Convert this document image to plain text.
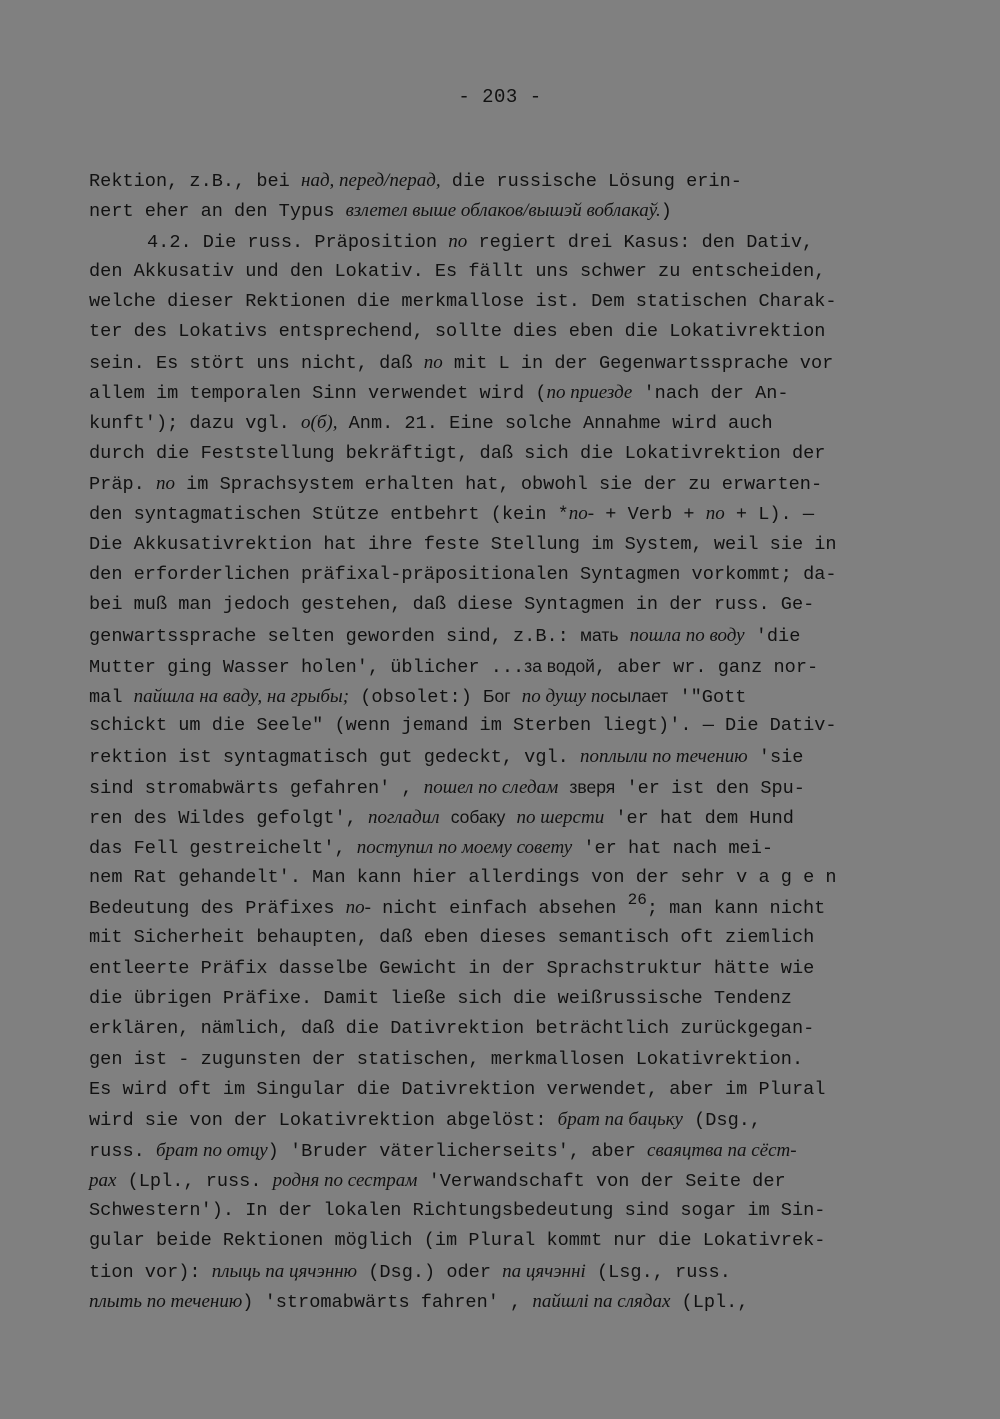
- 203 -
Rektion, z.B., bei над, перед/перад, die russische Lösung erin-
nert eher an den Typus взлетел выше облаков/вышэй воблакаў.)
4.2. Die russ. Präposition по regiert drei Kasus: den Dativ,
den Akkusativ und den Lokativ. Es fällt uns schwer zu entscheiden,
welche dieser Rektionen die merkmallose ist. Dem statischen Charak-
ter des Lokativs entsprechend, sollte dies eben die Lokativrektion
sein. Es stört uns nicht, daß по mit L in der Gegenwartssprache vor
allem im temporalen Sinn verwendet wird (по приезде 'nach der An-
kunft'); dazu vgl. о(б), Anm. 21. Eine solche Annahme wird auch
durch die Feststellung bekräftigt, daß sich die Lokativrektion der
Präp. по im Sprachsystem erhalten hat, obwohl sie der zu erwarten-
den syntagmatischen Stütze entbehrt (kein *по- + Verb + по + L). —
Die Akkusativrektion hat ihre feste Stellung im System, weil sie in
den erforderlichen präfixal-präpositionalen Syntagmen vorkommt; da-
bei muß man jedoch gestehen, daß diese Syntagmen in der russ. Ge-
genwartssprache selten geworden sind, z.B.: мать пошла по воду 'die
Mutter ging Wasser holen', üblicher ...за водой, aber wr. ganz nor-
mal пайшла на ваду, на грыбы; (obsolet:) Бог по душу посылает '"Gott
schickt um die Seele" (wenn jemand im Sterben liegt)'. — Die Dativ-
rektion ist syntagmatisch gut gedeckt, vgl. поплыли по течению 'sie
sind stromabwärts gefahren' , пошел по следам зверя 'er ist den Spu-
ren des Wildes gefolgt', погладил собаку по шерсти 'er hat dem Hund
das Fell gestreichelt', поступил по моему совету 'er hat nach mei-
nem Rat gehandelt'. Man kann hier allerdings von der sehr v a g e n
Bedeutung des Präfixes по- nicht einfach absehen 26; man kann nicht
mit Sicherheit behaupten, daß eben dieses semantisch oft ziemlich
entleerte Präfix dasselbe Gewicht in der Sprachstruktur hätte wie
die übrigen Präfixe. Damit ließe sich die weißrussische Tendenz
erklären, nämlich, daß die Dativrektion beträchtlich zurückgegan-
gen ist - zugunsten der statischen, merkmallosen Lokativrektion.
Es wird oft im Singular die Dativrektion verwendet, aber im Plural
wird sie von der Lokativrektion abgelöst: брат па бацьку (Dsg.,
russ. брат по отцу) 'Bruder väterlicherseits', aber сваяцтва па сёст-
рах (Lpl., russ. родня по сестрам 'Verwandschaft von der Seite der
Schwestern'). In der lokalen Richtungsbedeutung sind sogar im Sin-
gular beide Rektionen möglich (im Plural kommt nur die Lokativrek-
tion vor): плыць па цячэнню (Dsg.) oder па цячэнні (Lsg., russ.
плыть по течению) 'stromabwärts fahren' , пайшлі па слядах (Lpl.,
